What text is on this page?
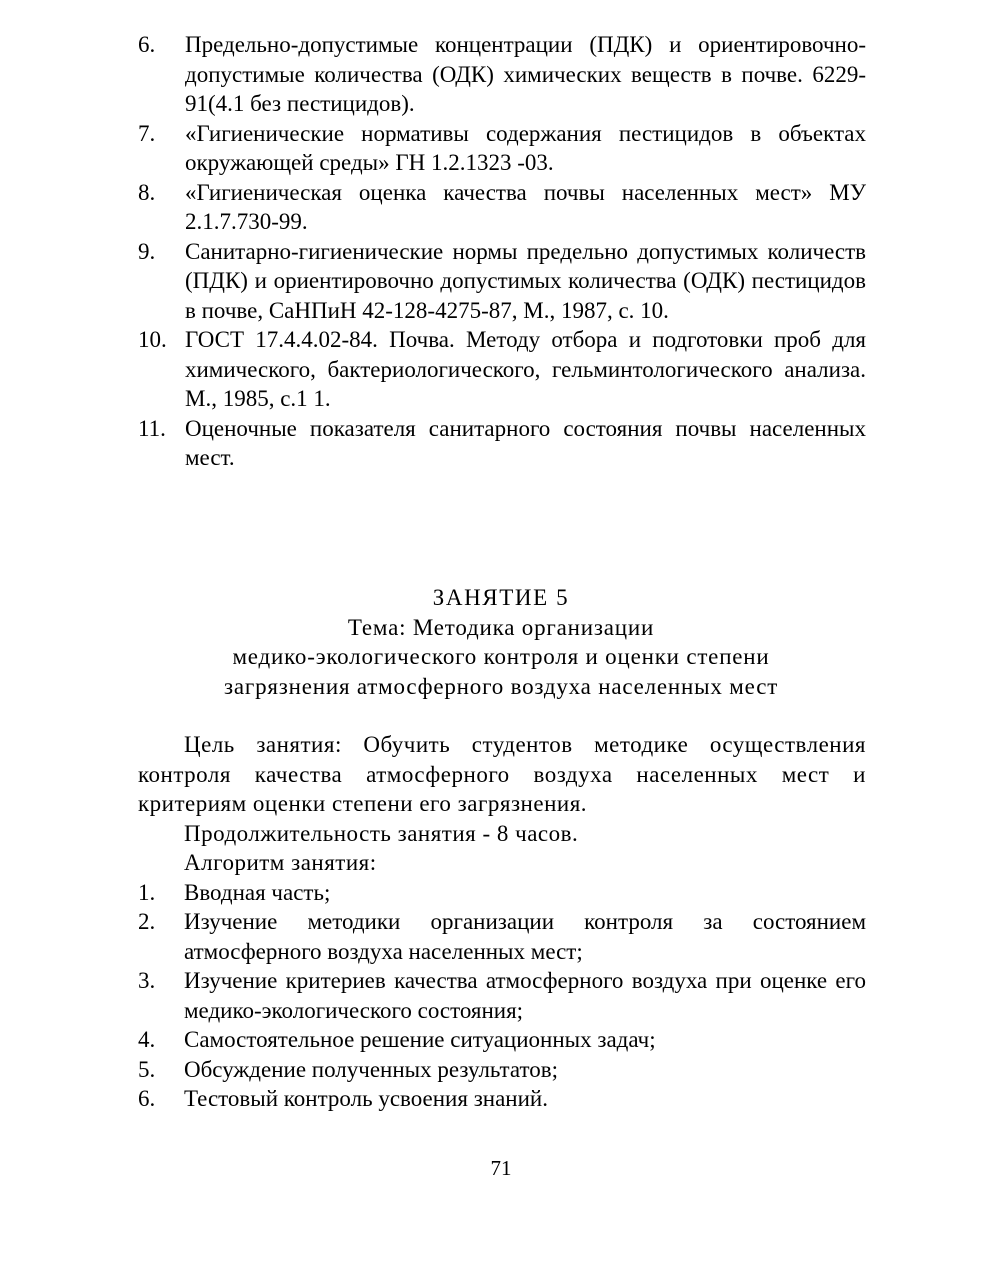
6.	Предельно-допустимые концентрации (ПДК) и ориентировочно-допустимые количества (ОДК) химических веществ в почве. 6229-91(4.1 без пестицидов).
7.	«Гигиенические нормативы содержания пестицидов в объектах окружающей среды» ГН 1.2.1323 -03.
8.	«Гигиеническая оценка качества почвы населенных мест» МУ 2.1.7.730-99.
9.	Санитарно-гигиенические нормы предельно допустимых количеств (ПДК) и ориентировочно допустимых количества (ОДК) пестицидов в почве, СаНПиН 42-128-4275-87, М., 1987, с. 10.
10. ГОСТ 17.4.4.02-84. Почва. Методу отбора и подготовки проб для химического, бактериологического, гельминтологического анализа. М., 1985, с.1 1.
11. Оценочные показателя санитарного состояния почвы населенных мест.
ЗАНЯТИЕ 5
Тема: Методика организации
медико-экологического контроля и оценки степени
загрязнения атмосферного воздуха населенных мест

Цель занятия: Обучить студентов методике осуществления контроля качества атмосферного воздуха населенных мест и критериям оценки степени его загрязнения.

Продолжительность занятия - 8 часов.

Алгоритм занятия:

1.	Вводная часть;
2.	Изучение методики организации контроля за состоянием атмосферного воздуха населенных мест;
3.	Изучение критериев качества атмосферного воздуха при оценке его медико-экологического состояния;
4.	Самостоятельное решение ситуационных задач;
5.	Обсуждение полученных результатов;
6.	Тестовый контроль усвоения знаний.
71
